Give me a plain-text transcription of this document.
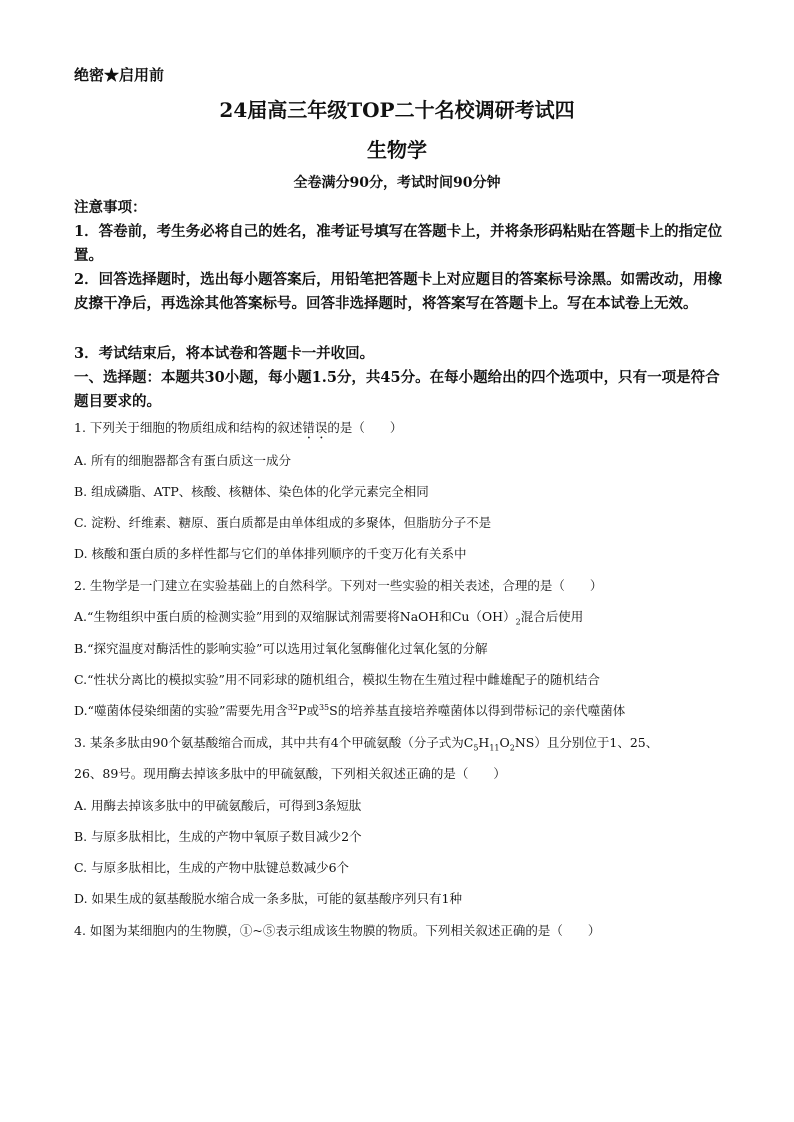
绝密★启用前
24届高三年级TOP二十名校调研考试四
生物学
全卷满分90分，考试时间90分钟
注意事项：
1．答卷前，考生务必将自己的姓名，准考证号填写在答题卡上，并将条形码粘贴在答题卡上的指定位置。
2．回答选择题时，选出每小题答案后，用铅笔把答题卡上对应题目的答案标号涂黑。如需改动，用橡皮擦干净后，再选涂其他答案标号。回答非选择题时，将答案写在答题卡上。写在本试卷上无效。
3．考试结束后，将本试卷和答题卡一并收回。
一、选择题：本题共30小题，每小题1.5分，共45分。在每小题给出的四个选项中，只有一项是符合题目要求的。
1. 下列关于细胞的物质组成和结构的叙述错误的是（　　）
A. 所有的细胞器都含有蛋白质这一成分
B. 组成磷脂、ATP、核酸、核糖体、染色体的化学元素完全相同
C. 淀粉、纤维素、糖原、蛋白质都是由单体组成的多聚体，但脂肪分子不是
D. 核酸和蛋白质的多样性都与它们的单体排列顺序的千变万化有关系中
2. 生物学是一门建立在实验基础上的自然科学。下列对一些实验的相关表述，合理的是（　　）
A.“生物组织中蛋白质的检测实验”用到的双缩脲试剂需要将NaOH和$Cu(OH)_2$混合后使用
B.“探究温度对酶活性的影响实验”可以选用过氧化氢酶催化过氧化氢的分解
C.“性状分离比的模拟实验”用不同彩球的随机组合，模拟生物在生殖过程中雌雄配子的随机结合
D.“噬菌体侵染细菌的实验”需要先用含$^{32}$P或$^{35}$S的培养基直接培养噬菌体以得到带标记的亲代噬菌体
3. 某条多肽由90个氨基酸缩合而成，其中共有4个甲硫氨酸（分子式为$C_5H_{11}O_2NS$）且分别位于1、25、
26、89号。现用酶去掉该多肽中的甲硫氨酸，下列相关叙述正确的是（　　）
A. 用酶去掉该多肽中的甲硫氨酸后，可得到3条短肽
B. 与原多肽相比，生成的产物中氧原子数目减少2个
C. 与原多肽相比，生成的产物中肽键总数减少6个
D. 如果生成的氨基酸脱水缩合成一条多肽，可能的氨基酸序列只有1种
4. 如图为某细胞内的生物膜，①~⑤表示组成该生物膜的物质。下列相关叙述正确的是（　　）
